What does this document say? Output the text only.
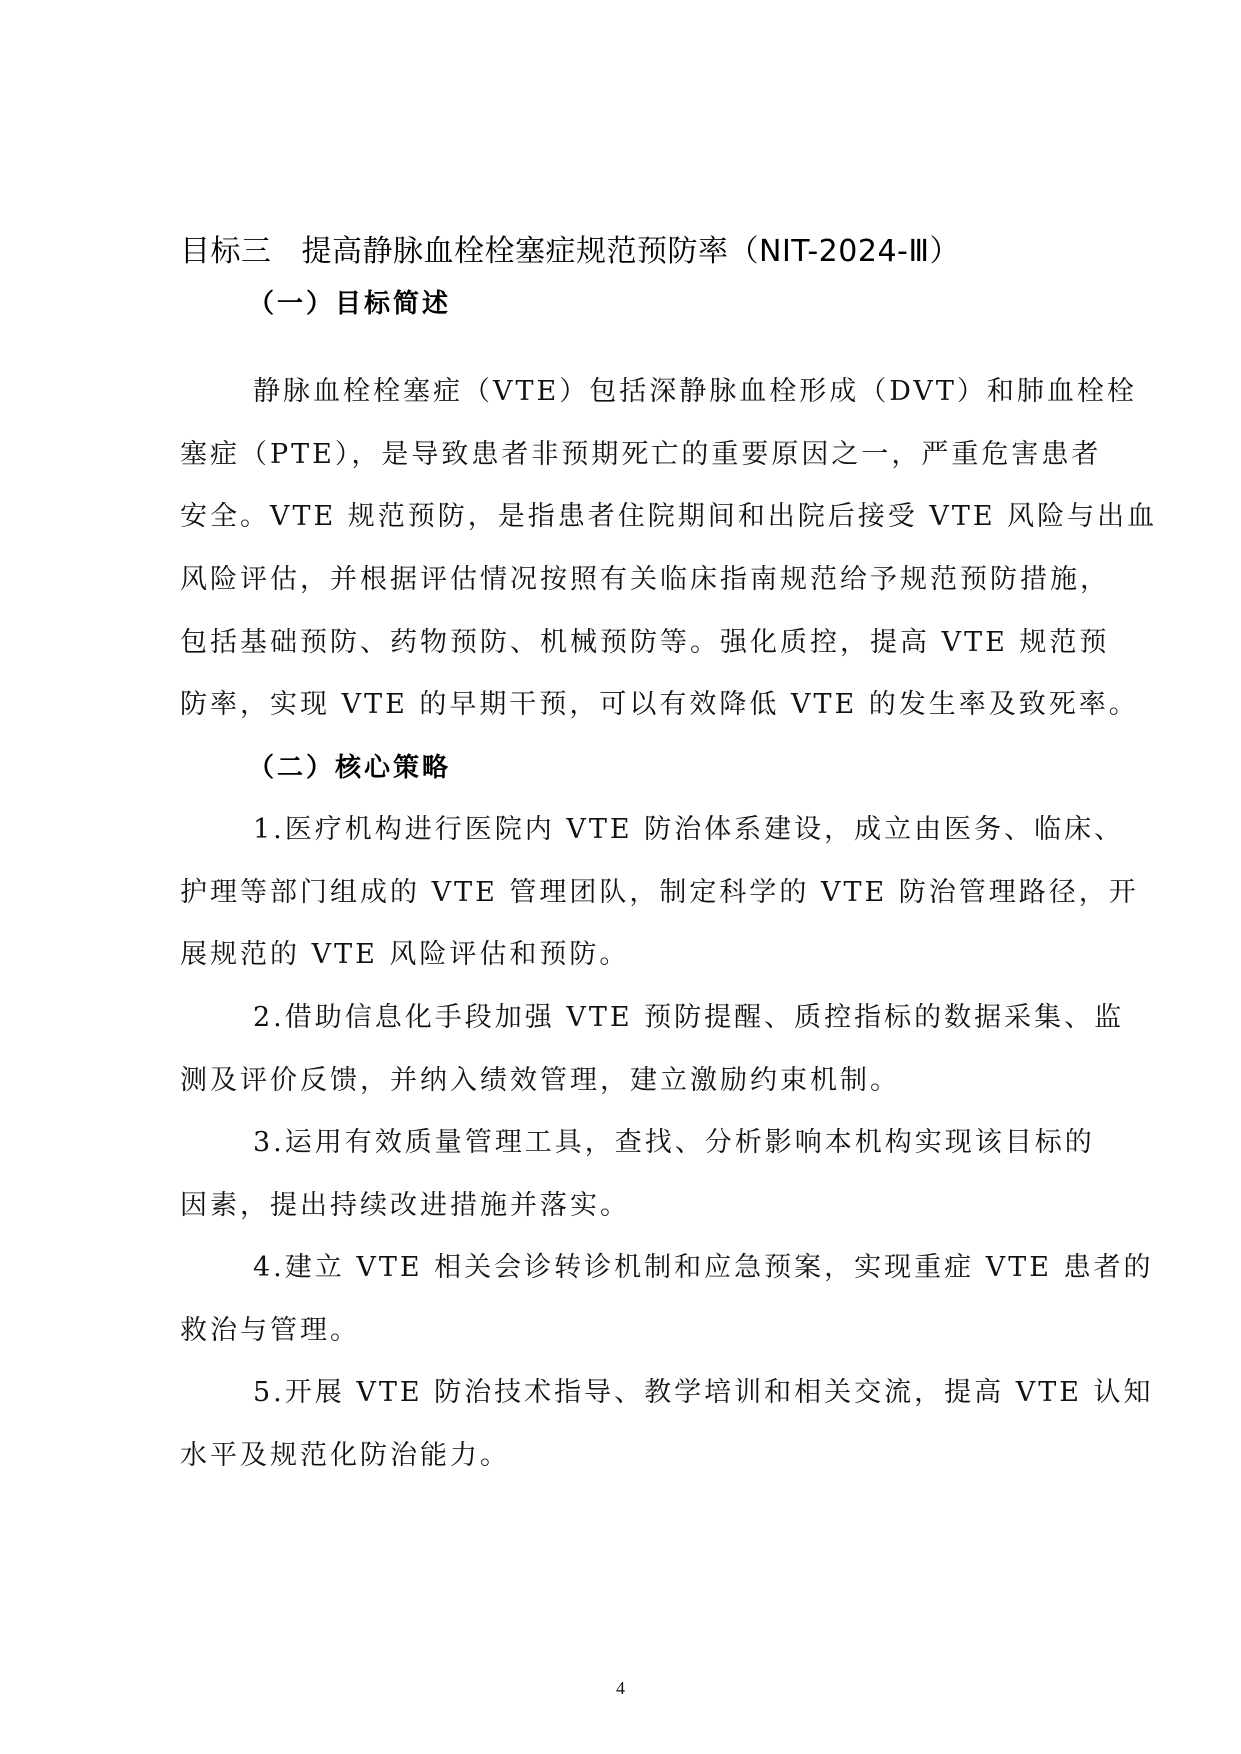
目标三 提高静脉血栓栓塞症规范预防率（NIT-2024-Ⅲ）
（一）目标简述
静脉血栓栓塞症（VTE）包括深静脉血栓形成（DVT）和肺血栓栓
塞症（PTE），是导致患者非预期死亡的重要原因之一，严重危害患者
安全。VTE 规范预防，是指患者住院期间和出院后接受 VTE 风险与出血
风险评估，并根据评估情况按照有关临床指南规范给予规范预防措施，
包括基础预防、药物预防、机械预防等。强化质控，提高 VTE 规范预
防率，实现 VTE 的早期干预，可以有效降低 VTE 的发生率及致死率。
（二）核心策略
1.医疗机构进行医院内 VTE 防治体系建设，成立由医务、临床、
护理等部门组成的 VTE 管理团队，制定科学的 VTE 防治管理路径，开
展规范的 VTE 风险评估和预防。
2.借助信息化手段加强 VTE 预防提醒、质控指标的数据采集、监
测及评价反馈，并纳入绩效管理，建立激励约束机制。
3.运用有效质量管理工具，查找、分析影响本机构实现该目标的
因素，提出持续改进措施并落实。
4.建立 VTE 相关会诊转诊机制和应急预案，实现重症 VTE 患者的
救治与管理。
5.开展 VTE 防治技术指导、教学培训和相关交流，提高 VTE 认知
水平及规范化防治能力。
4
